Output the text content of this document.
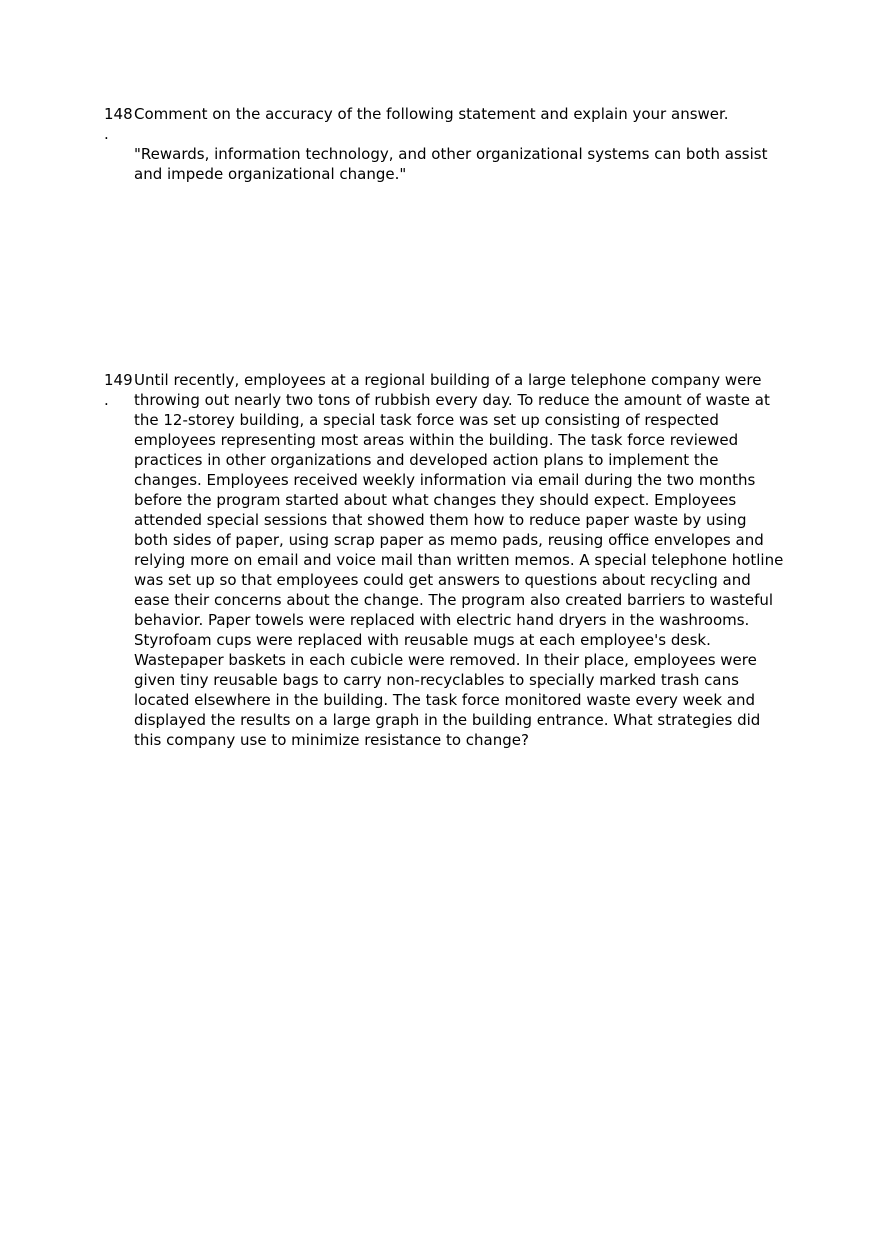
148
.

Comment on the accuracy of the following statement and explain your answer.

"Rewards, information technology, and other organizational systems can both assist and impede organizational change."

149
.

Until recently, employees at a regional building of a large telephone company were throwing out nearly two tons of rubbish every day. To reduce the amount of waste at the 12-storey building, a special task force was set up consisting of respected employees representing most areas within the building. The task force reviewed practices in other organizations and developed action plans to implement the changes. Employees received weekly information via email during the two months before the program started about what changes they should expect. Employees attended special sessions that showed them how to reduce paper waste by using both sides of paper, using scrap paper as memo pads, reusing office envelopes and relying more on email and voice mail than written memos. A special telephone hotline was set up so that employees could get answers to questions about recycling and ease their concerns about the change. The program also created barriers to wasteful behavior. Paper towels were replaced with electric hand dryers in the washrooms. Styrofoam cups were replaced with reusable mugs at each employee's desk. Wastepaper baskets in each cubicle were removed. In their place, employees were given tiny reusable bags to carry non-recyclables to specially marked trash cans located elsewhere in the building. The task force monitored waste every week and displayed the results on a large graph in the building entrance. What strategies did this company use to minimize resistance to change?
